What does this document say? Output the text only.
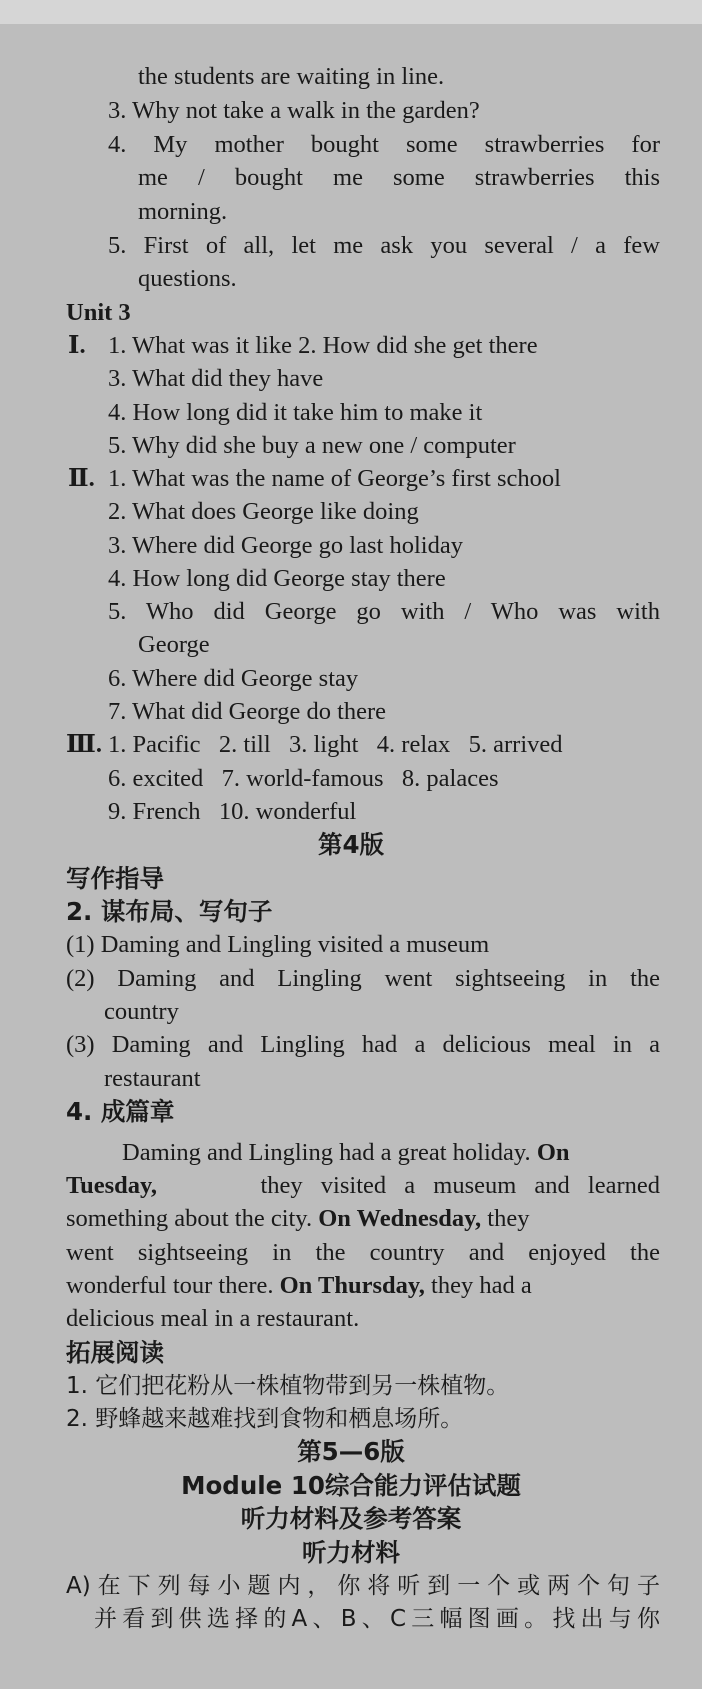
the students are waiting in line.
3. Why not take a walk in the garden?
4. My mother bought some strawberries for
me / bought me some strawberries this
morning.
5. First of all, let me ask you several / a few
questions.
Unit 3
Ⅰ. 1. What was it like 2. How did she get there
3. What did they have
4. How long did it take him to make it
5. Why did she buy a new one / computer
Ⅱ. 1. What was the name of George’s first school
2. What does George like doing
3. Where did George go last holiday
4. How long did George stay there
5. Who did George go with / Who was with
George
6. Where did George stay
7. What did George do there
Ⅲ. 1. Pacific   2. till   3. light   4. relax   5. arrived
6. excited   7. world-famous   8. palaces
9. French   10. wonderful
第4版
写作指导
2. 谋布局、写句子
(1) Daming and Lingling visited a museum
(2) Daming and Lingling went sightseeing in the
country
(3) Daming and Lingling had a delicious meal in a
restaurant
4. 成篇章
Daming and Lingling had a great holiday. On
Tuesday,	they visited a museum and learned
something about the city. On Wednesday, they
went sightseeing in the country and enjoyed the
wonderful tour there. On Thursday, they had a
delicious meal in a restaurant.
拓展阅读
1. 它们把花粉从一株植物带到另一株植物。
2. 野蜂越来越难找到食物和栖息场所。
第5—6版
Module 10综合能力评估试题
听力材料及参考答案
听力材料
A)在下列每小题内，你将听到一个或两个句子
并看到供选择的A、B、C三幅图画。找出与你
